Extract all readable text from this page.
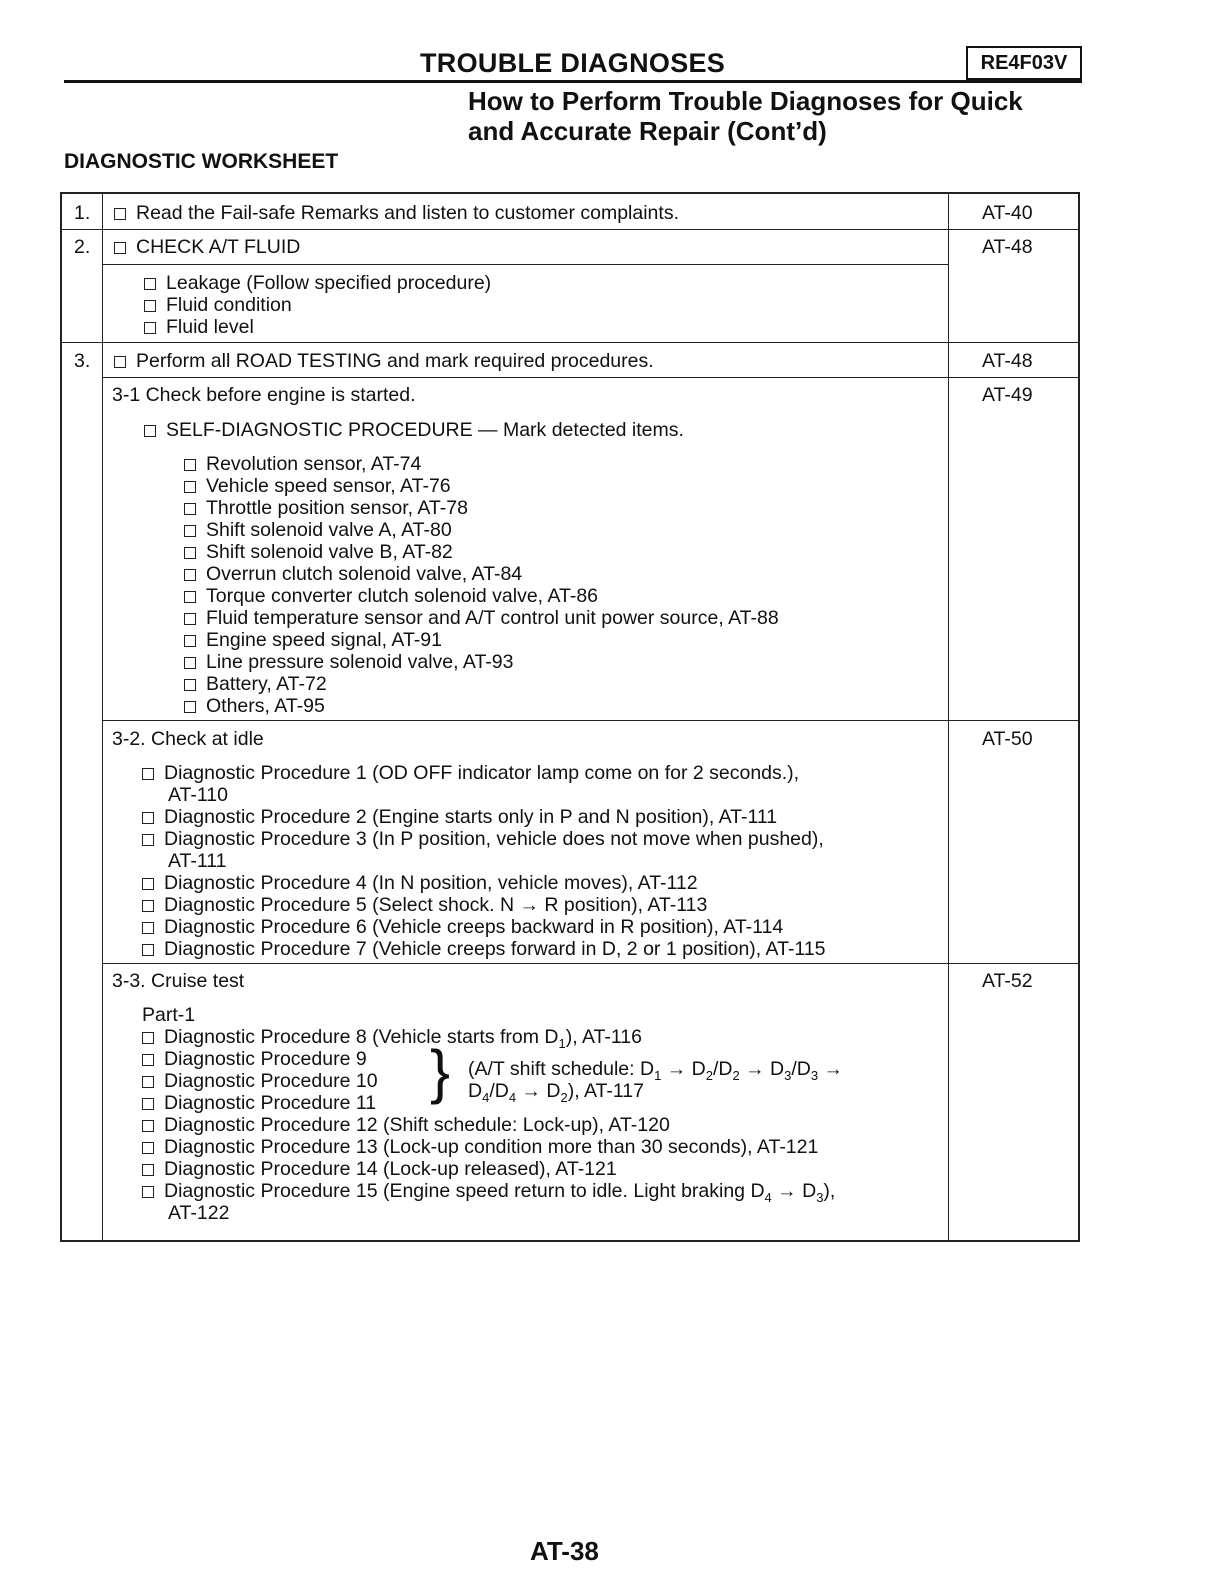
TROUBLE DIAGNOSES	RE4F03V
How to Perform Trouble Diagnoses for Quick
and Accurate Repair (Cont’d)
DIAGNOSTIC WORKSHEET
1.	Read the Fail-safe Remarks and listen to customer complaints.	AT-40
2.	CHECK A/T FLUID	AT-48
Leakage (Follow specified procedure)
Fluid condition
Fluid level
3.	Perform all ROAD TESTING and mark required procedures.	AT-48
3-1 Check before engine is started.	AT-49
SELF-DIAGNOSTIC PROCEDURE — Mark detected items.
Revolution sensor, AT-74
Vehicle speed sensor, AT-76
Throttle position sensor, AT-78
Shift solenoid valve A, AT-80
Shift solenoid valve B, AT-82
Overrun clutch solenoid valve, AT-84
Torque converter clutch solenoid valve, AT-86
Fluid temperature sensor and A/T control unit power source, AT-88
Engine speed signal, AT-91
Line pressure solenoid valve, AT-93
Battery, AT-72
Others, AT-95
3-2. Check at idle	AT-50
Diagnostic Procedure 1 (OD OFF indicator lamp come on for 2 seconds.),
AT-110
Diagnostic Procedure 2 (Engine starts only in P and N position), AT-111
Diagnostic Procedure 3 (In P position, vehicle does not move when pushed),
AT-111
Diagnostic Procedure 4 (In N position, vehicle moves), AT-112
Diagnostic Procedure 5 (Select shock. N → R position), AT-113
Diagnostic Procedure 6 (Vehicle creeps backward in R position), AT-114
Diagnostic Procedure 7 (Vehicle creeps forward in D, 2 or 1 position), AT-115
3-3. Cruise test	AT-52
Part-1
Diagnostic Procedure 8 (Vehicle starts from $D_1$), AT-116
Diagnostic Procedure 9
Diagnostic Procedure 10
Diagnostic Procedure 11 } (A/T shift schedule: $D_1 \to D_2/D_2 \to D_3/D_3$ →
$D_4/D_4 \to D_2$), AT-117
Diagnostic Procedure 12 (Shift schedule: Lock-up), AT-120
Diagnostic Procedure 13 (Lock-up condition more than 30 seconds), AT-121
Diagnostic Procedure 14 (Lock-up released), AT-121
Diagnostic Procedure 15 (Engine speed return to idle. Light braking $D_4 \to D_3$),
AT-122
AT-38
